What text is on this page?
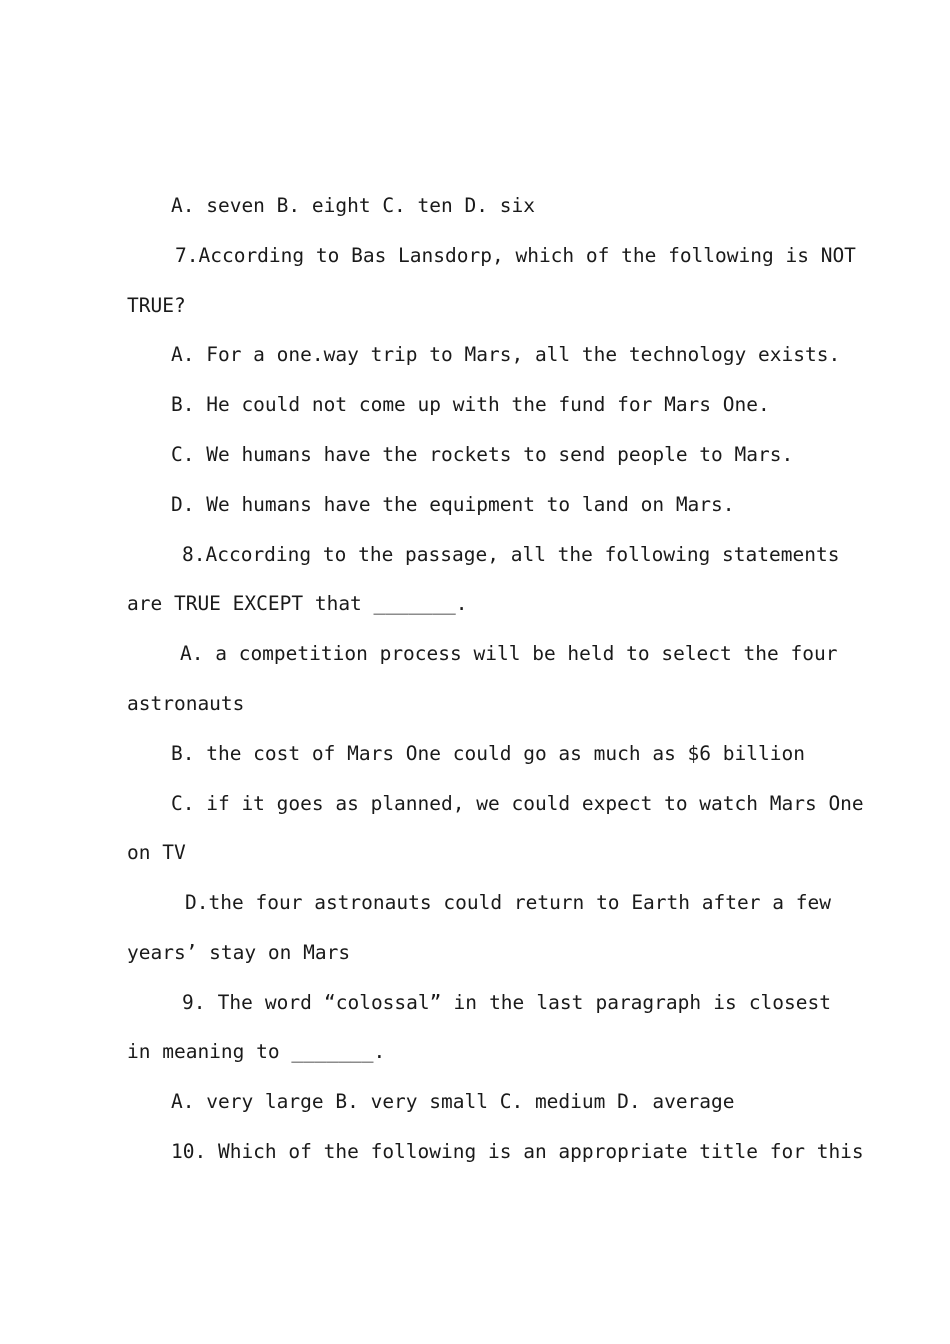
A. seven B. eight C. ten D. six
7.According to Bas Lansdorp, which of the following is NOT
TRUE?
A. For a one.way trip to Mars, all the technology exists.
B. He could not come up with the fund for Mars One.
C. We humans have the rockets to send people to Mars.
D. We humans have the equipment to land on Mars.
8.According to the passage, all the following statements
are TRUE EXCEPT that _______.
A. a competition process will be held to select the four
astronauts
B. the cost of Mars One could go as much as $6 billion
C. if it goes as planned, we could expect to watch Mars One
on TV
D.the four astronauts could return to Earth after a few
years’ stay on Mars
9. The word “colossal” in the last paragraph is closest
in meaning to _______.
A. very large B. very small C. medium D. average
10. Which of the following is an appropriate title for this
